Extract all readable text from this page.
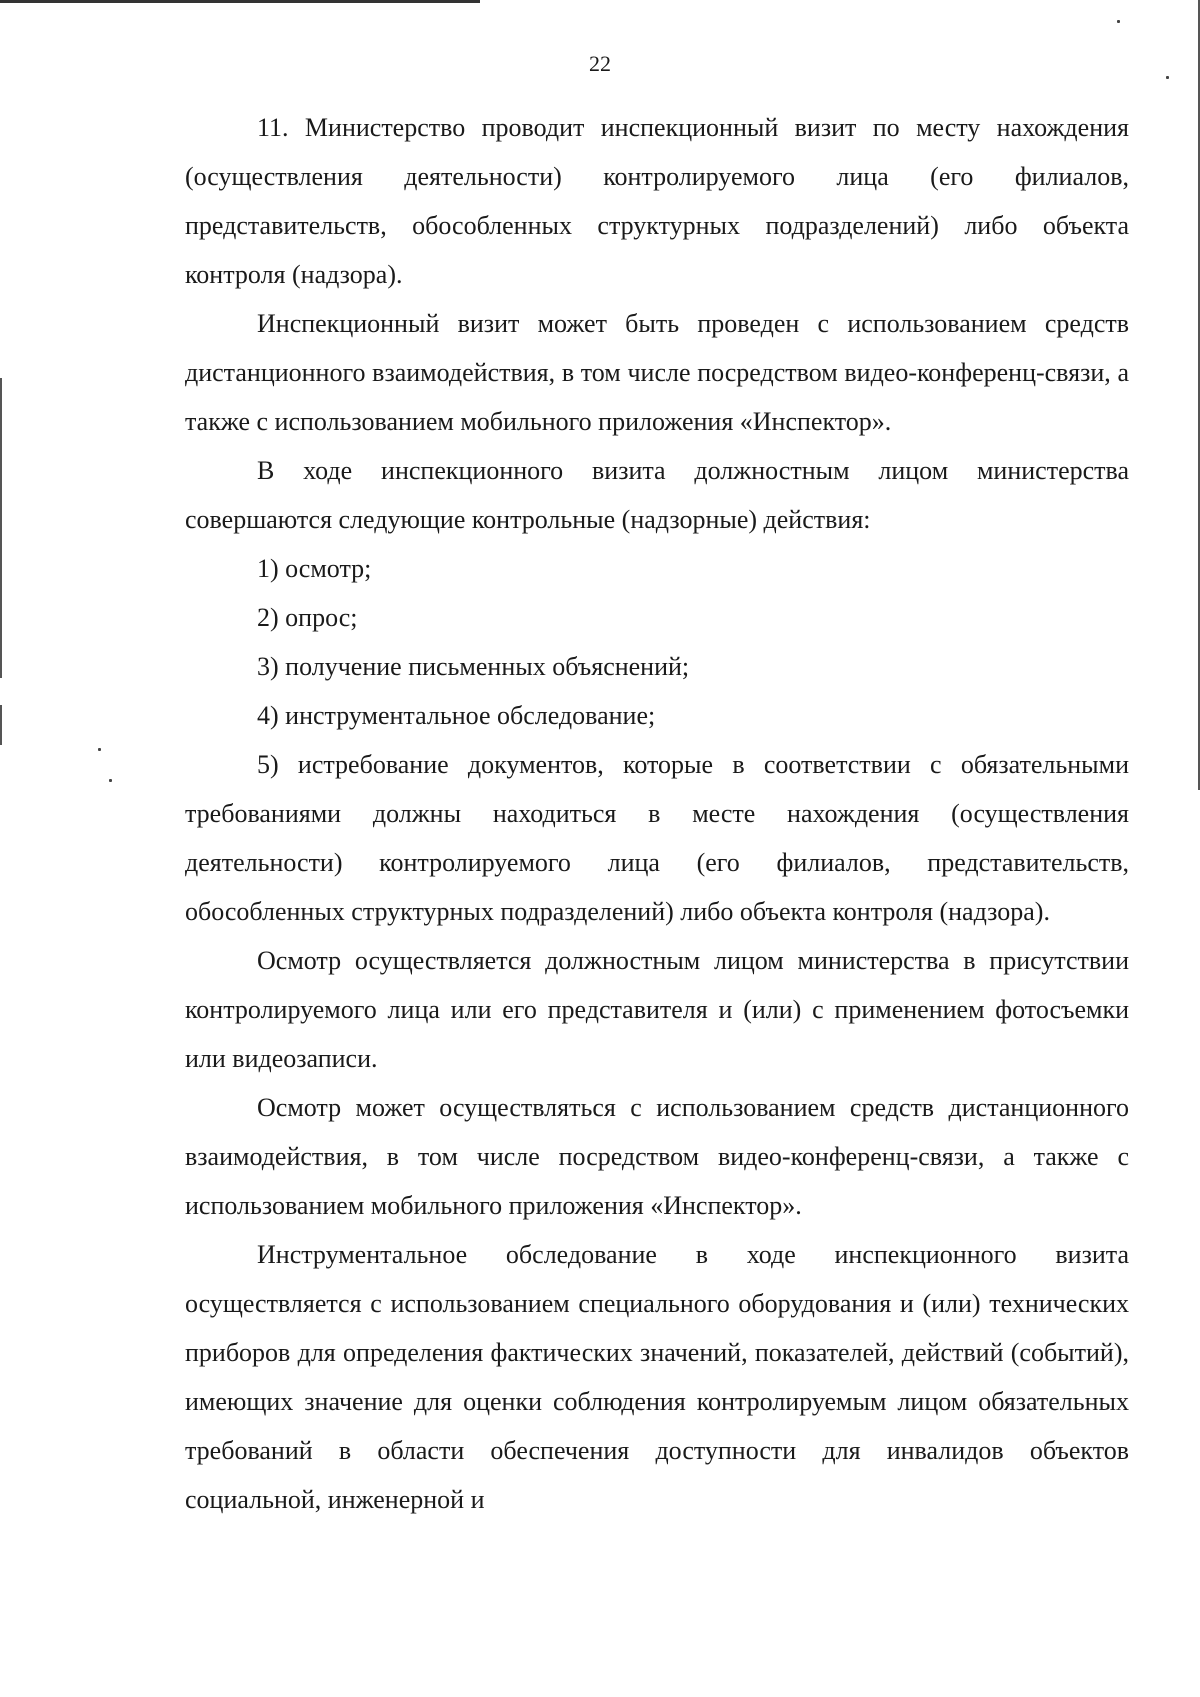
22

11. Министерство проводит инспекционный визит по месту нахождения (осуществления деятельности) контролируемого лица (его филиалов, представительств, обособленных структурных подразделений) либо объекта контроля (надзора).

Инспекционный визит может быть проведен с использованием средств дистанционного взаимодействия, в том числе посредством видео-конференц-связи, а также с использованием мобильного приложения «Инспектор».

В ходе инспекционного визита должностным лицом министерства совершаются следующие контрольные (надзорные) действия:

1) осмотр;

2) опрос;

3) получение письменных объяснений;

4) инструментальное обследование;

5) истребование документов, которые в соответствии с обязательными требованиями должны находиться в месте нахождения (осуществления деятельности) контролируемого лица (его филиалов, представительств, обособленных структурных подразделений) либо объекта контроля (надзора).

Осмотр осуществляется должностным лицом министерства в присутствии контролируемого лица или его представителя и (или) с применением фотосъемки или видеозаписи.

Осмотр может осуществляться с использованием средств дистанционного взаимодействия, в том числе посредством видео-конференц-связи, а также с использованием мобильного приложения «Инспектор».

Инструментальное обследование в ходе инспекционного визита осуществляется с использованием специального оборудования и (или) технических приборов для определения фактических значений, показателей, действий (событий), имеющих значение для оценки соблюдения контролируемым лицом обязательных требований в области обеспечения доступности для инвалидов объектов социальной, инженерной и
